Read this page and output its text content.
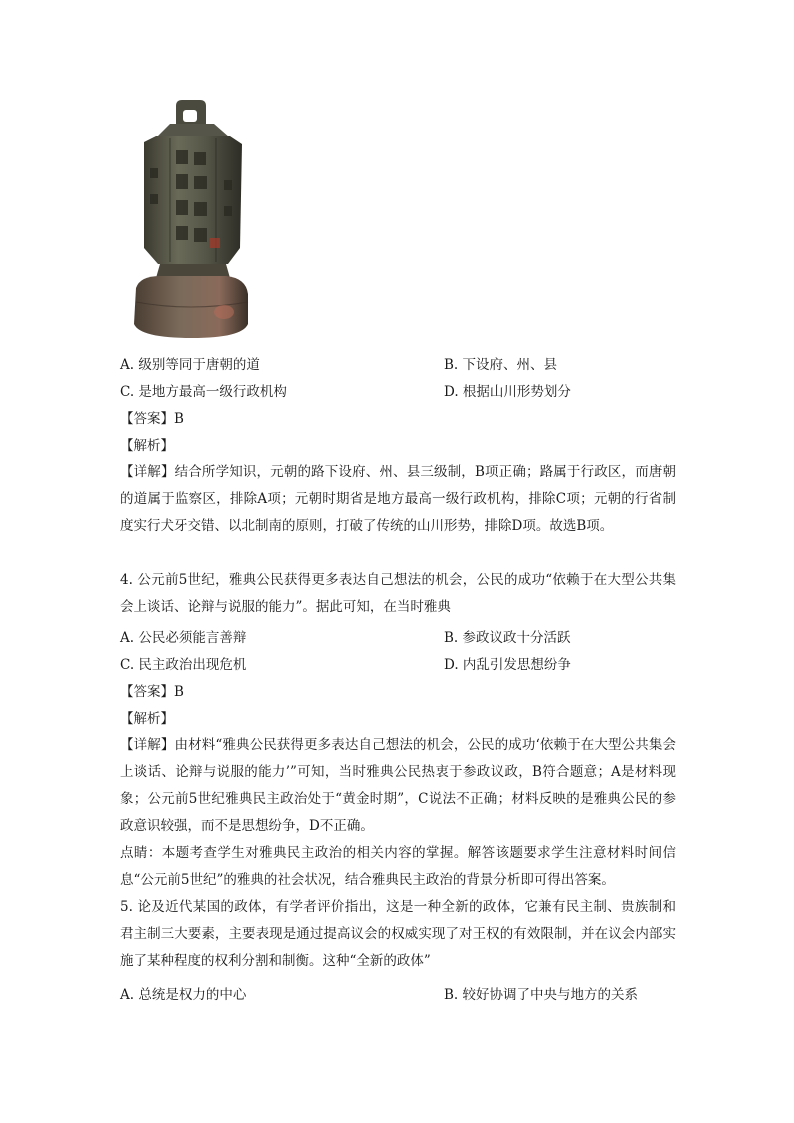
A. 级别等同于唐朝的道	B. 下设府、州、县
C. 是地方最高一级行政机构	D. 根据山川形势划分
【答案】B
【解析】
【详解】结合所学知识，元朝的路下设府、州、县三级制，B项正确；路属于行政区，而唐朝的道属于监察区，排除A项；元朝时期省是地方最高一级行政机构，排除C项；元朝的行省制度实行犬牙交错、以北制南的原则，打破了传统的山川形势，排除D项。故选B项。
4. 公元前5世纪，雅典公民获得更多表达自己想法的机会，公民的成功“依赖于在大型公共集会上谈话、论辩与说服的能力”。据此可知，在当时雅典
A. 公民必须能言善辩	B. 参政议政十分活跃
C. 民主政治出现危机	D. 内乱引发思想纷争
【答案】B
【解析】
【详解】由材料“雅典公民获得更多表达自己想法的机会，公民的成功‘依赖于在大型公共集会上谈话、论辩与说服的能力’”可知，当时雅典公民热衷于参政议政，B符合题意；A是材料现象；公元前5世纪雅典民主政治处于“黄金时期”，C说法不正确；材料反映的是雅典公民的参政意识较强，而不是思想纷争，D不正确。
点睛：本题考查学生对雅典民主政治的相关内容的掌握。解答该题要求学生注意材料时间信息“公元前5世纪”的雅典的社会状况，结合雅典民主政治的背景分析即可得出答案。
5. 论及近代某国的政体，有学者评价指出，这是一种全新的政体，它兼有民主制、贵族制和君主制三大要素，主要表现是通过提高议会的权威实现了对王权的有效限制，并在议会内部实施了某种程度的权利分割和制衡。这种“全新的政体”
A. 总统是权力的中心	B. 较好协调了中央与地方的关系
